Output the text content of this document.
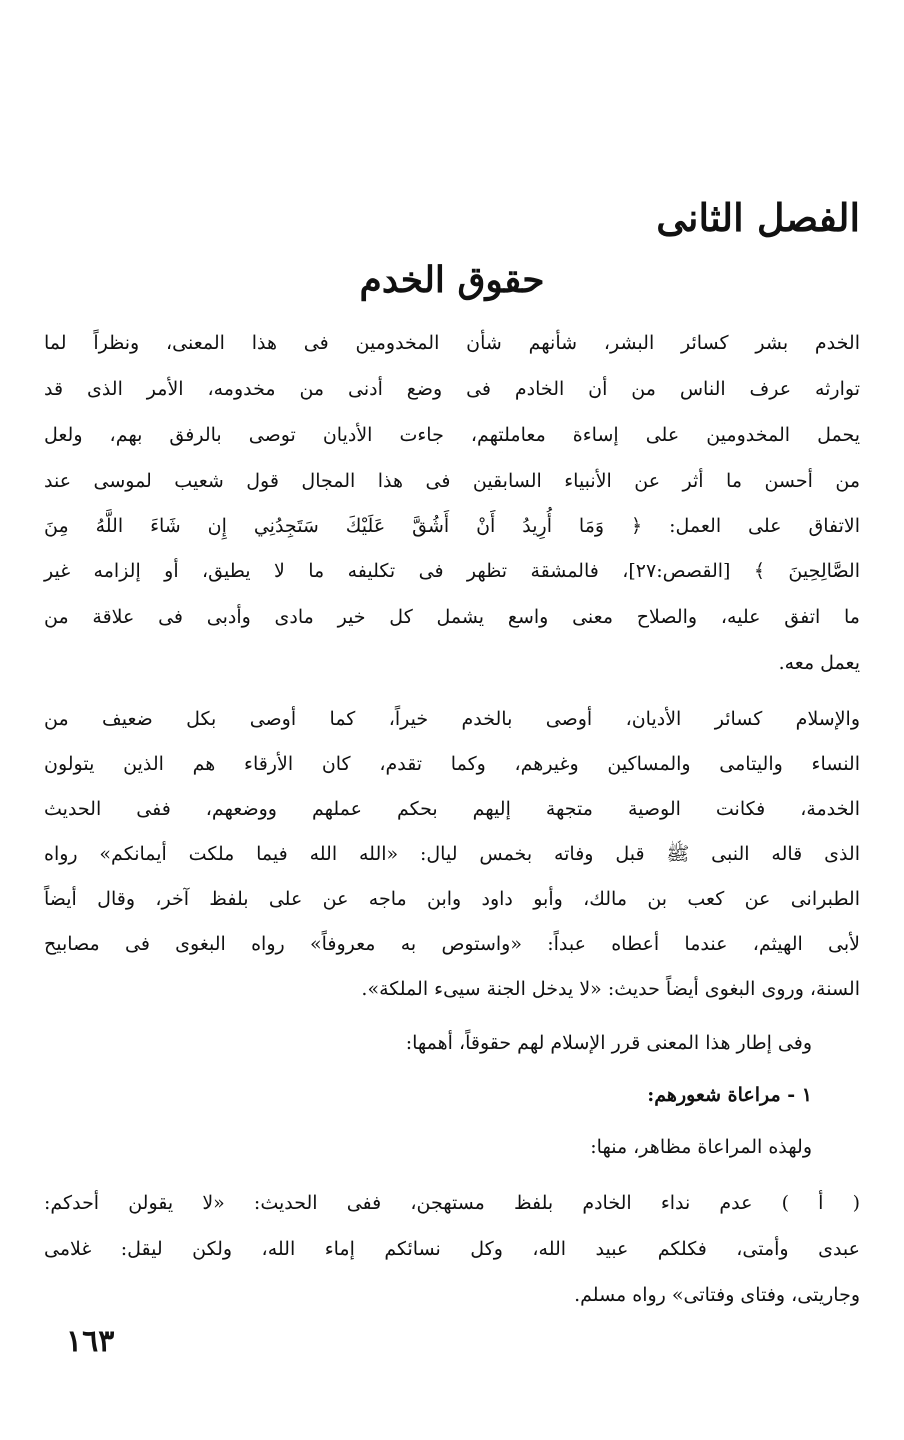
الفصل الثانى
حقوق الخدم
الخدم بشر كسائر البشر، شأنهم شأن المخدومين فى هذا المعنى، ونظراً لما
توارثه عرف الناس من أن الخادم فى وضع أدنى من مخدومه، الأمر الذى قد
يحمل المخدومين على إساءة معاملتهم، جاءت الأديان توصى بالرفق بهم، ولعل
من أحسن ما أثر عن الأنبياء السابقين فى هذا المجال قول شعيب لموسى عند
الاتفاق على العمل: ﴿ وَمَا أُرِيدُ أَنْ أَشُقَّ عَلَيْكَ سَتَجِدُنِي إِن شَاءَ اللَّهُ مِنَ
الصَّالِحِينَ ﴾ [القصص:٢٧]، فالمشقة تظهر فى تكليفه ما لا يطيق، أو إلزامه غير
ما اتفق عليه، والصلاح معنى واسع يشمل كل خير مادى وأدبى فى علاقة من
يعمل معه.
والإسلام كسائر الأديان، أوصى بالخدم خيراً، كما أوصى بكل ضعيف من
النساء واليتامى والمساكين وغيرهم، وكما تقدم، كان الأرقاء هم الذين يتولون
الخدمة، فكانت الوصية متجهة إليهم بحكم عملهم ووضعهم، ففى الحديث
الذى قاله النبى ﷺ قبل وفاته بخمس ليال: «الله الله فيما ملكت أيمانكم» رواه
الطبرانى عن كعب بن مالك، وأبو داود وابن ماجه عن على بلفظ آخر، وقال أيضاً
لأبى الهيثم، عندما أعطاه عبداً: «واستوص به معروفاً» رواه البغوى فى مصابيح
السنة، وروى البغوى أيضاً حديث: «لا يدخل الجنة سيىء الملكة».
وفى إطار هذا المعنى قرر الإسلام لهم حقوقاً، أهمها:
١ - مراعاة شعورهم:
ولهذه المراعاة مظاهر، منها:
( أ ) عدم نداء الخادم بلفظ مستهجن، ففى الحديث: «لا يقولن أحدكم:
عبدى وأمتى، فكلكم عبيد الله، وكل نسائكم إماء الله، ولكن ليقل: غلامى
وجاريتى، وفتاى وفتاتى» رواه مسلم.
١٦٣
